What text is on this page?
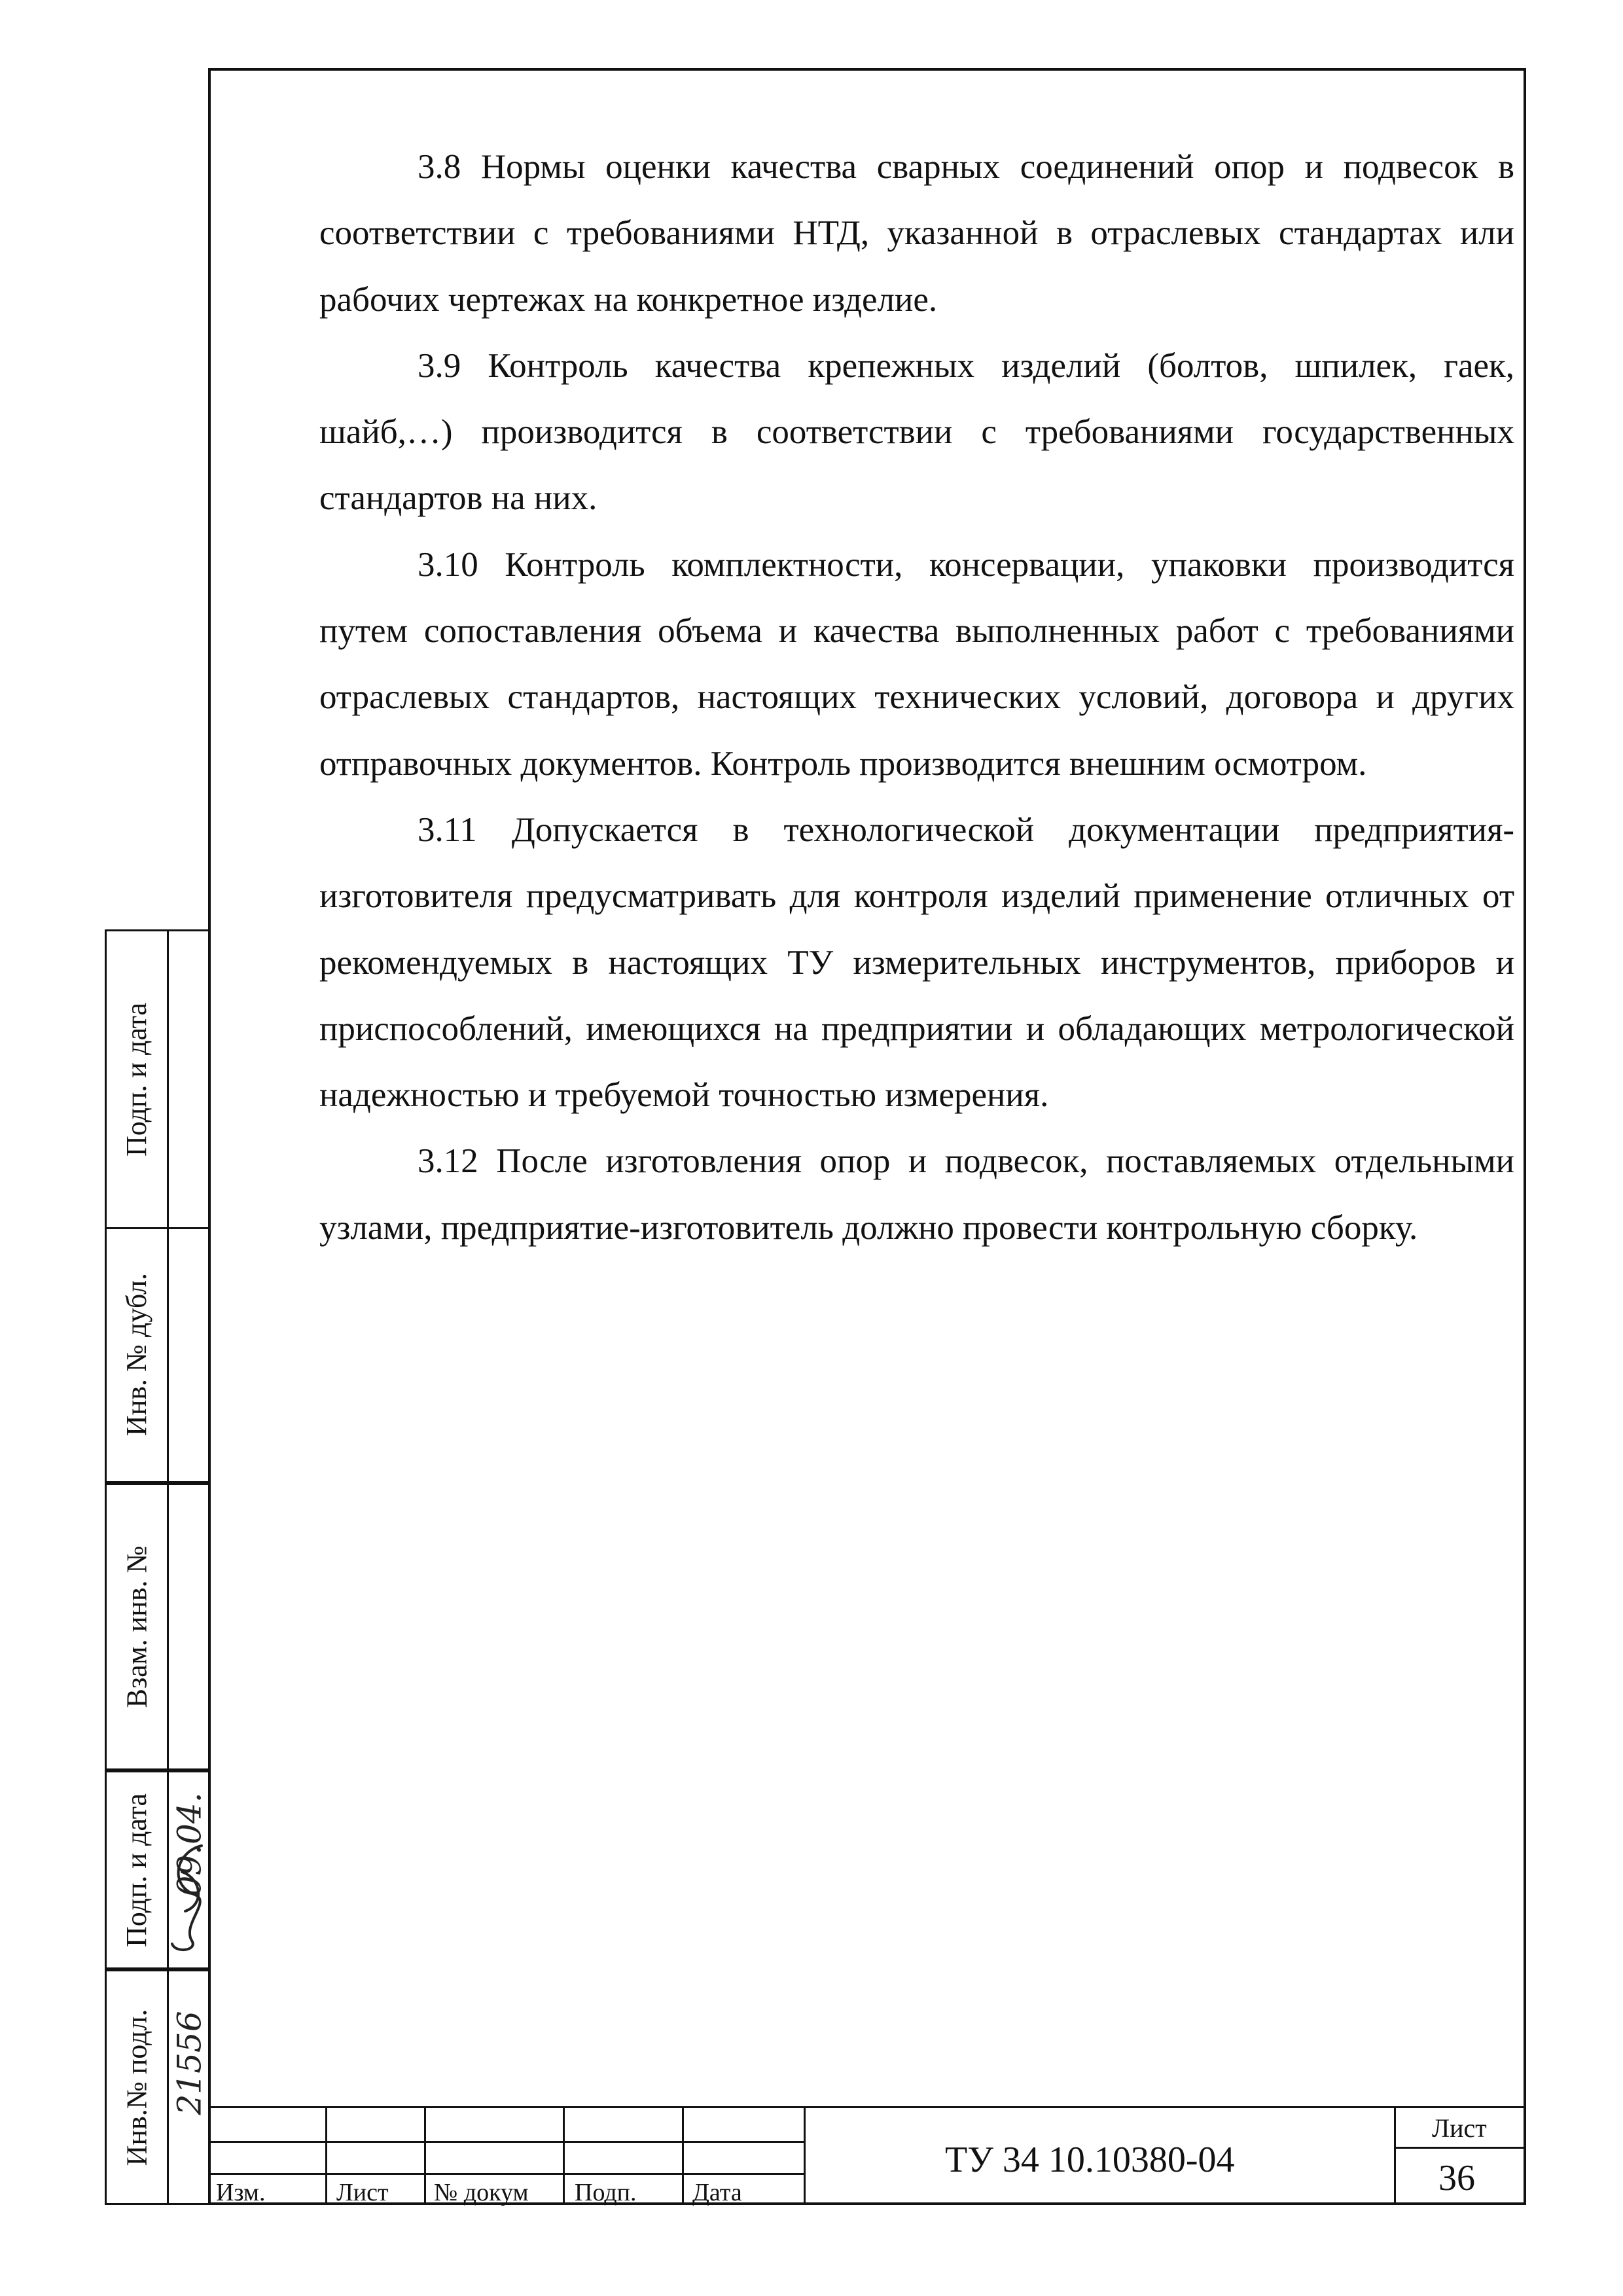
3.8 Нормы оценки качества сварных соединений опор и подвесок в соответствии с требованиями НТД, указанной в отраслевых стандартах или рабочих чертежах на конкретное изделие.

3.9 Контроль качества крепежных изделий (болтов, шпилек, гаек, шайб,…) производится в соответствии с требованиями государственных стандартов на них.

3.10 Контроль комплектности, консервации, упаковки производится путем сопоставления объема и качества выполненных работ с требованиями отраслевых стандартов, настоящих технических условий, договора и других отправочных документов. Контроль производится внешним осмотром.

3.11 Допускается в технологической документации предприятия-изготовителя предусматривать для контроля изделий применение отличных от рекомендуемых в настоящих ТУ измерительных инструментов, приборов и приспособлений, имеющихся на предприятии и обладающих метрологической надежностью и требуемой точностью измерения.

3.12 После изготовления опор и подвесок, поставляемых отдельными узлами, предприятие-изготовитель должно провести контрольную сборку.

Подп. и дата
Инв. № дубл.
Взам. инв. №
Подп. и дата 09.04.
Инв.№ подл. 21556
Изм.	Лист № докум Подп. Дата
ТУ 34 10.10380-04
Лист
36
